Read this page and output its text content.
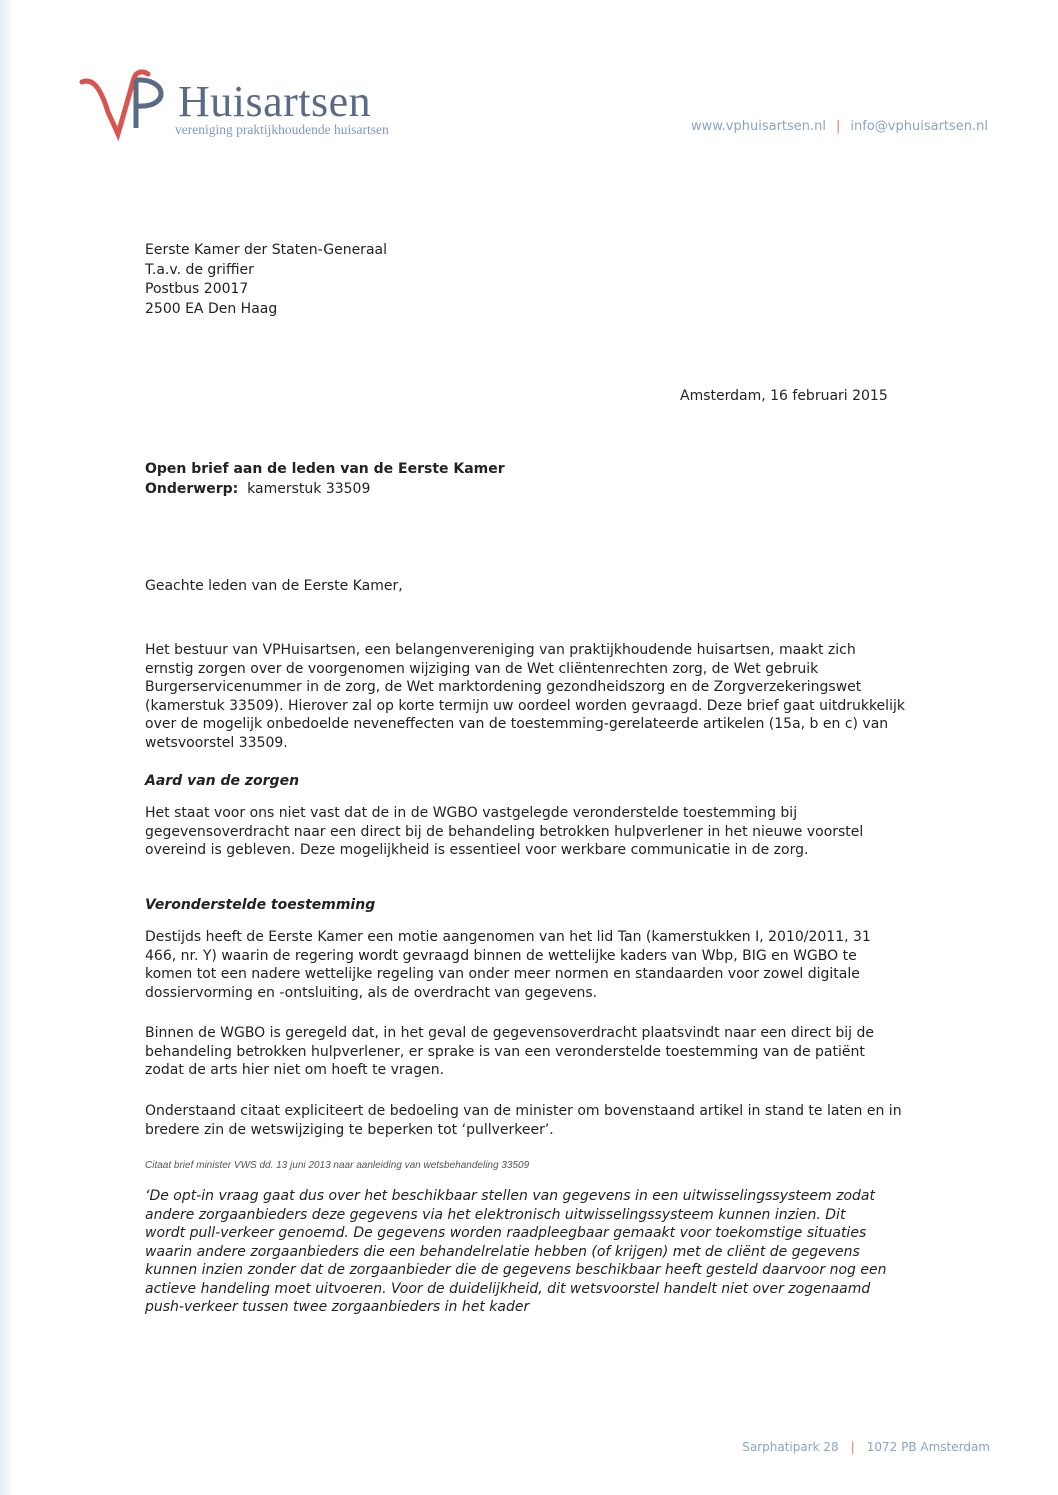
Huisartsen
vereniging praktijkhoudende huisartsen	www.vphuisartsen.nl | info@vphuisartsen.nl
Eerste Kamer der Staten-Generaal
T.a.v. de griffier
Postbus 20017
2500 EA Den Haag
Amsterdam, 16 februari 2015
Open brief aan de leden van de Eerste Kamer
Onderwerp: kamerstuk 33509
Geachte leden van de Eerste Kamer,

Het bestuur van VPHuisartsen, een belangenvereniging van praktijkhoudende huisartsen, maakt zich ernstig zorgen over de voorgenomen wijziging van de Wet cliëntenrechten zorg, de Wet gebruik Burgerservicenummer in de zorg, de Wet marktordening gezondheidszorg en de Zorgverzekeringswet (kamerstuk 33509). Hierover zal op korte termijn uw oordeel worden gevraagd. Deze brief gaat uitdrukkelijk over de mogelijk onbedoelde neveneffecten van de toestemming-gerelateerde artikelen (15a, b en c) van wetsvoorstel 33509.

Aard van de zorgen

Het staat voor ons niet vast dat de in de WGBO vastgelegde veronderstelde toestemming bij gegevensoverdracht naar een direct bij de behandeling betrokken hulpverlener in het nieuwe voorstel overeind is gebleven. Deze mogelijkheid is essentieel voor werkbare communicatie in de zorg.

Veronderstelde toestemming

Destijds heeft de Eerste Kamer een motie aangenomen van het lid Tan (kamerstukken I, 2010/2011, 31 466, nr. Y) waarin de regering wordt gevraagd binnen de wettelijke kaders van Wbp, BIG en WGBO te komen tot een nadere wettelijke regeling van onder meer normen en standaarden voor zowel digitale dossiervorming en -ontsluiting, als de overdracht van gegevens.

Binnen de WGBO is geregeld dat, in het geval de gegevensoverdracht plaatsvindt naar een direct bij de behandeling betrokken hulpverlener, er sprake is van een veronderstelde toestemming van de patiënt zodat de arts hier niet om hoeft te vragen.

Onderstaand citaat expliciteert de bedoeling van de minister om bovenstaand artikel in stand te laten en in bredere zin de wetswijziging te beperken tot ‘pullverkeer’.

Citaat brief minister VWS dd. 13 juni 2013 naar aanleiding van wetsbehandeling 33509

‘De opt-in vraag gaat dus over het beschikbaar stellen van gegevens in een uitwisselingssysteem zodat andere zorgaanbieders deze gegevens via het elektronisch uitwisselingssysteem kunnen inzien. Dit wordt pull-verkeer genoemd. De gegevens worden raadpleegbaar gemaakt voor toekomstige situaties waarin andere zorgaanbieders die een behandelrelatie hebben (of krijgen) met de cliënt de gegevens kunnen inzien zonder dat de zorgaanbieder die de gegevens beschikbaar heeft gesteld daarvoor nog een actieve handeling moet uitvoeren. Voor de duidelijkheid, dit wetsvoorstel handelt niet over zogenaamd push-verkeer tussen twee zorgaanbieders in het kader

Sarphatipark 28 | 1072 PB Amsterdam
